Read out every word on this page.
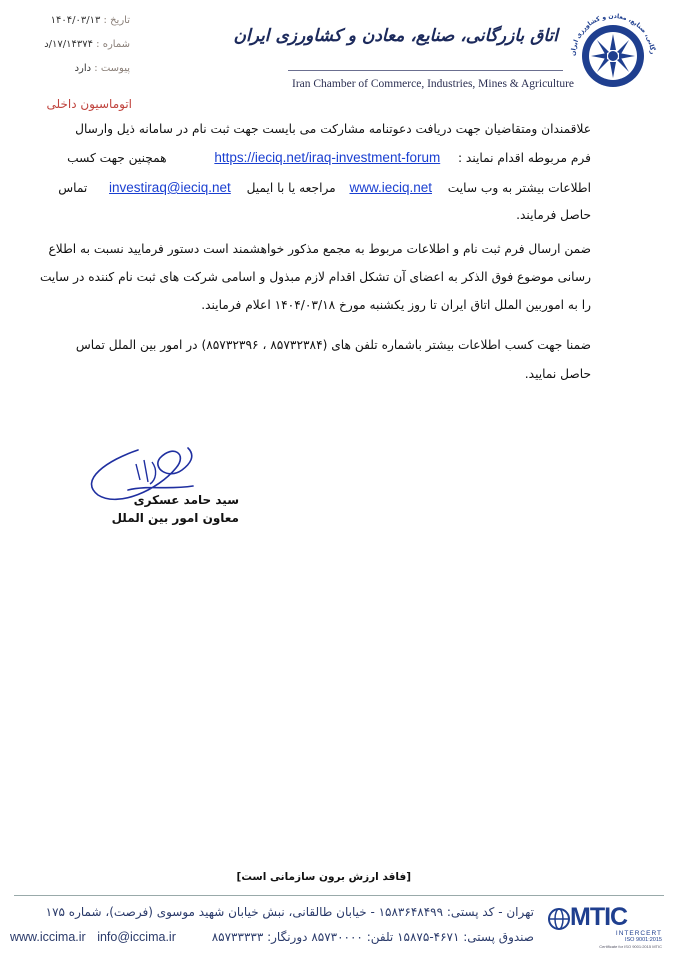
تاریخ : ۱۴۰۴/۰۳/۱۳
شماره : ۱۷/۱۴۳۷۴/د
پیوست : دارد
اتاق بازرگانی، صنایع، معادن و کشاورزی ایران
Iran Chamber of Commerce, Industries, Mines & Agriculture
رگانی، صنایع، معادن و کشاورزی ایران
اتوماسیون داخلی
علاقمندان ومتقاضیان جهت دریافت دعوتنامه مشارکت می بایست جهت ثبت نام در سامانه ذیل وارسال
فرم مربوطه اقدام نمایند :  https://ieciq.net/iraq-investment-forum  همچنین جهت کسب
اطلاعات بیشتر به وب سایت  www.ieciq.net  مراجعه یا با ایمیل  investiraq@ieciq.net  تماس
حاصل فرمایند.
ضمن ارسال فرم ثبت نام و اطلاعات مربوط به مجمع مذکور خواهشمند است دستور فرمایید نسبت به اطلاع
رسانی موضوع فوق الذکر به اعضای آن تشکل اقدام لازم مبذول و اسامی شرکت های ثبت نام کننده در سایت
را به اموربین الملل اتاق ایران تا روز یکشنبه مورخ ۱۴۰۴/۰۳/۱۸ اعلام فرمایند.
ضمنا جهت کسب اطلاعات بیشتر باشماره تلفن های (۸۵۷۳۲۳۸۴ ، ۸۵۷۳۲۳۹۶) در امور بین الملل تماس
حاصل نمایید.
سید حامد عسکری
معاون امور بین الملل
[فاقد ارزش برون سازمانی است]
تهران - کد پستی: ۱۵۸۳۶۴۸۴۹۹ - خیابان طالقانی، نبش خیابان شهید موسوی (فرصت)، شماره ۱۷۵
صندوق پستی: ۴۶۷۱-۱۵۸۷۵ تلفن: ۸۵۷۳۰۰۰۰ دورنگار: ۸۵۷۳۳۳۳۳
www.iccima.ir info@iccima.ir
MTIC
INTERCERT
ISO 9001:2015
Certificate for ISO 9001:2015 MTIC
